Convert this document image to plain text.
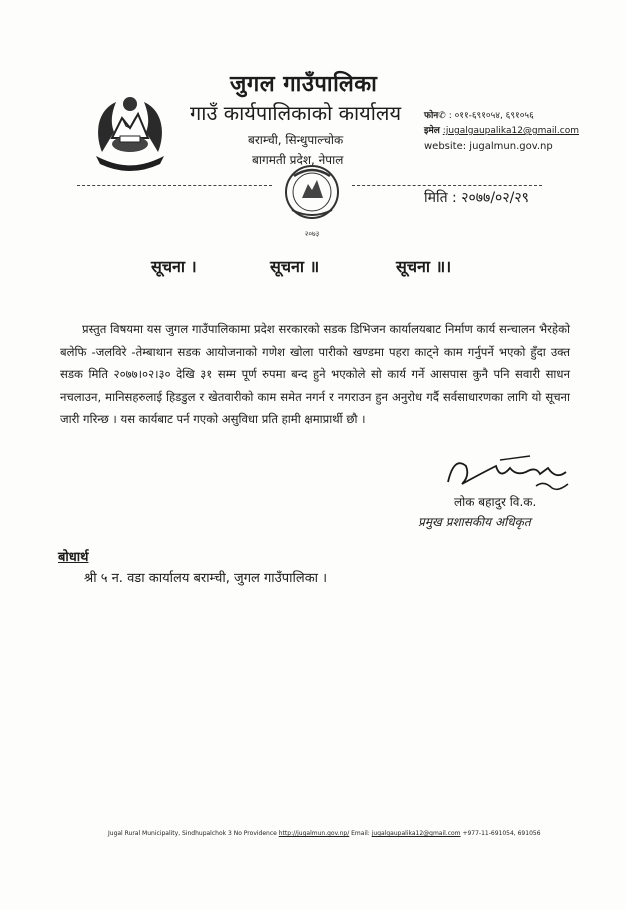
जुगल गाउँपालिका
गाउँ कार्यपालिकाको कार्यालय
बराम्ची, सिन्धुपाल्चोक
बागमती प्रदेश, नेपाल
फोन✆ : ०११-६९१०५४, ६९१०५६
इमेल :jugalgaupalika12@gmail.com
website: jugalmun.gov.np
२०७३
मिति : २०७७/०२/२९
सूचना ।	सूचना ॥	सूचना ॥।
प्रस्तुत विषयमा यस जुगल गाउँपालिकामा प्रदेश सरकारको सडक डिभिजन कार्यालयबाट निर्माण कार्य सन्चालन भैरहेको बलेफि -जलविरे -तेम्बाथान सडक आयोजनाको गणेश खोला पारीको खण्डमा पहरा काट्ने काम गर्नुपर्ने भएको हुँदा उक्त सडक मिति २०७७।०२।३० देखि ३१ सम्म पूर्ण रुपमा बन्द हुने भएकोले सो कार्य गर्ने आसपास कुनै पनि सवारी साधन नचलाउन, मानिसहरुलाई हिडडुल र खेतवारीको काम समेत नगर्न र नगराउन हुन अनुरोध गर्दै सर्वसाधारणका लागि यो सूचना जारी गरिन्छ । यस कार्यबाट पर्न गएको असुविधा प्रति हामी क्षमाप्रार्थी छौ ।
लोक बहादुर वि.क.
प्रमुख प्रशासकीय अधिकृत
बोधार्थ
श्री ५ न. वडा कार्यालय बराम्ची, जुगल गाउँपालिका ।
Jugal Rural Municipality, Sindhupalchok 3 No Providence http://jugalmun.gov.np/ Email: jugalgaupalika12@gmail.com +977-11-691054, 691056
